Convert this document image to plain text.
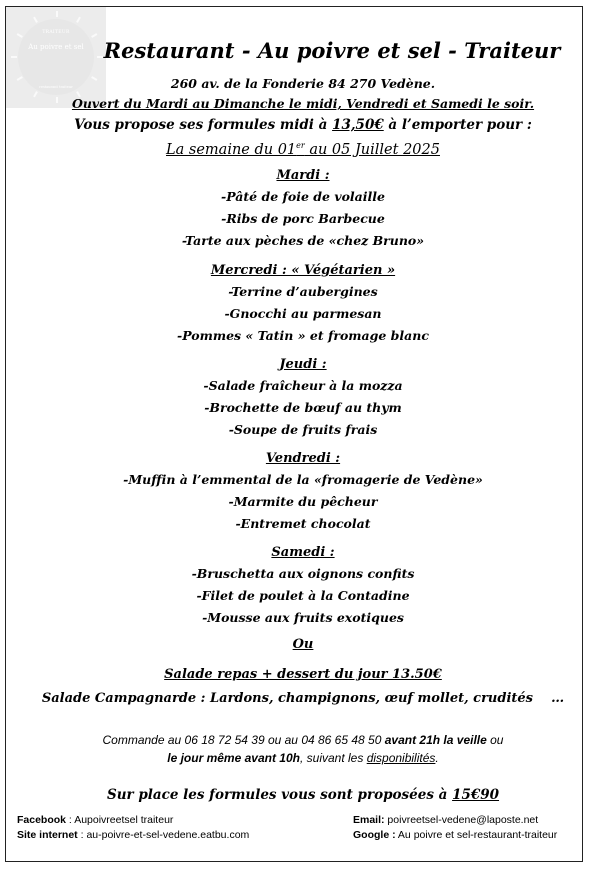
TRAITEUR
Au poivre et sel
restaurant traiteur
Restaurant - Au poivre et sel - Traiteur
260 av. de la Fonderie 84 270 Vedène.
Ouvert du Mardi au Dimanche le midi, Vendredi et Samedi le soir.
Vous propose ses formules midi à 13,50€ à l’emporter pour :
La semaine du 01er au 05 Juillet 2025
Mardi :
-Pâté de foie de volaille
-Ribs de porc Barbecue
-Tarte aux pèches de «chez Bruno»
Mercredi : « Végétarien »
-Terrine d’aubergines
-Gnocchi au parmesan
-Pommes « Tatin » et fromage blanc
Jeudi :
-Salade fraîcheur à la mozza
-Brochette de bœuf au thym
-Soupe de fruits frais
Vendredi :
-Muffin à l’emmental de la «fromagerie de Vedène»
-Marmite du pêcheur
-Entremet chocolat
Samedi :
-Bruschetta aux oignons confits
-Filet de poulet à la Contadine
-Mousse aux fruits exotiques
Ou
Salade repas + dessert du jour 13.50€
Salade Campagnarde : Lardons, champignons, œuf mollet, crudités    …
Commande au 06 18 72 54 39 ou au 04 86 65 48 50 avant 21h la veille ou
le jour même avant 10h, suivant les disponibilités.
Sur place les formules vous sont proposées à 15€90
Facebook : Aupoivreetsel traiteur
Site internet : au-poivre-et-sel-vedene.eatbu.com
Email: poivreetsel-vedene@laposte.net
Google : Au poivre et sel-restaurant-traiteur
